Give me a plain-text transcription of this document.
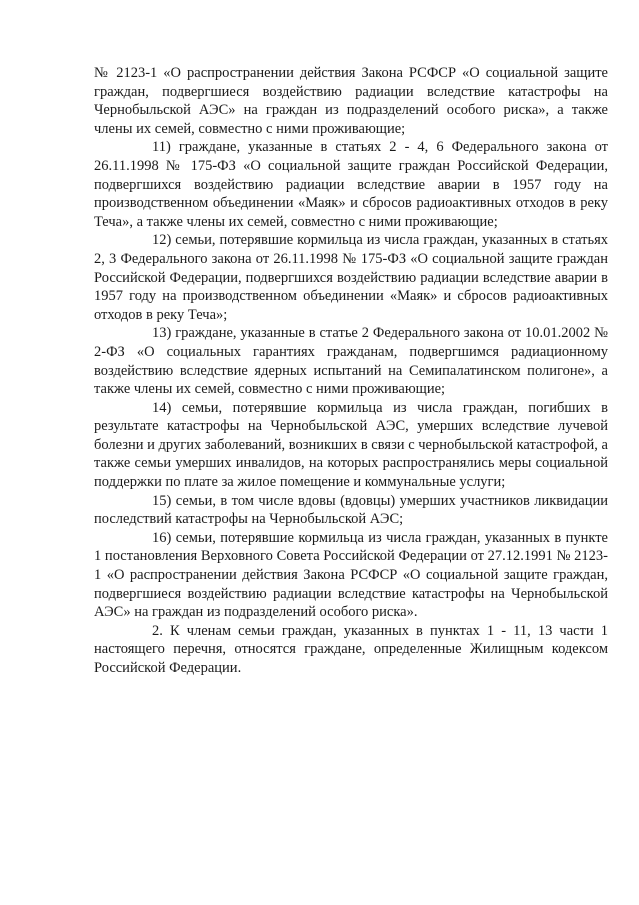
№ 2123-1 «О распространении действия Закона РСФСР «О социальной защите граждан, подвергшиеся воздействию радиации вследствие катастрофы на Чернобыльской АЭС» на граждан из подразделений особого риска», а также члены их семей, совместно с ними проживающие;

11) граждане, указанные в статьях 2 - 4, 6 Федерального закона от 26.11.1998 № 175-ФЗ «О социальной защите граждан Российской Федерации, подвергшихся воздействию радиации вследствие аварии в 1957 году на производственном объединении «Маяк» и сбросов радиоактивных отходов в реку Теча», а также члены их семей, совместно с ними проживающие;

12) семьи, потерявшие кормильца из числа граждан, указанных в статьях 2, 3 Федерального закона от 26.11.1998 № 175-ФЗ «О социальной защите граждан Российской Федерации, подвергшихся воздействию радиации вследствие аварии в 1957 году на производственном объединении «Маяк» и сбросов радиоактивных отходов в реку Теча»;

13) граждане, указанные в статье 2 Федерального закона от 10.01.2002 № 2-ФЗ «О социальных гарантиях гражданам, подвергшимся радиационному воздействию вследствие ядерных испытаний на Семипалатинском полигоне», а также члены их семей, совместно с ними проживающие;

14) семьи, потерявшие кормильца из числа граждан, погибших в результате катастрофы на Чернобыльской АЭС, умерших вследствие лучевой болезни и других заболеваний, возникших в связи с чернобыльской катастрофой, а также семьи умерших инвалидов, на которых распространялись меры социальной поддержки по плате за жилое помещение и коммунальные услуги;

15) семьи, в том числе вдовы (вдовцы) умерших участников ликвидации последствий катастрофы на Чернобыльской АЭС;

16) семьи, потерявшие кормильца из числа граждан, указанных в пункте 1 постановления Верховного Совета Российской Федерации от 27.12.1991 № 2123-1 «О распространении действия Закона РСФСР «О социальной защите граждан, подвергшиеся воздействию радиации вследствие катастрофы на Чернобыльской АЭС» на граждан из подразделений особого риска».

2. К членам семьи граждан, указанных в пунктах 1 - 11, 13 части 1 настоящего перечня, относятся граждане, определенные Жилищным кодексом Российской Федерации.
